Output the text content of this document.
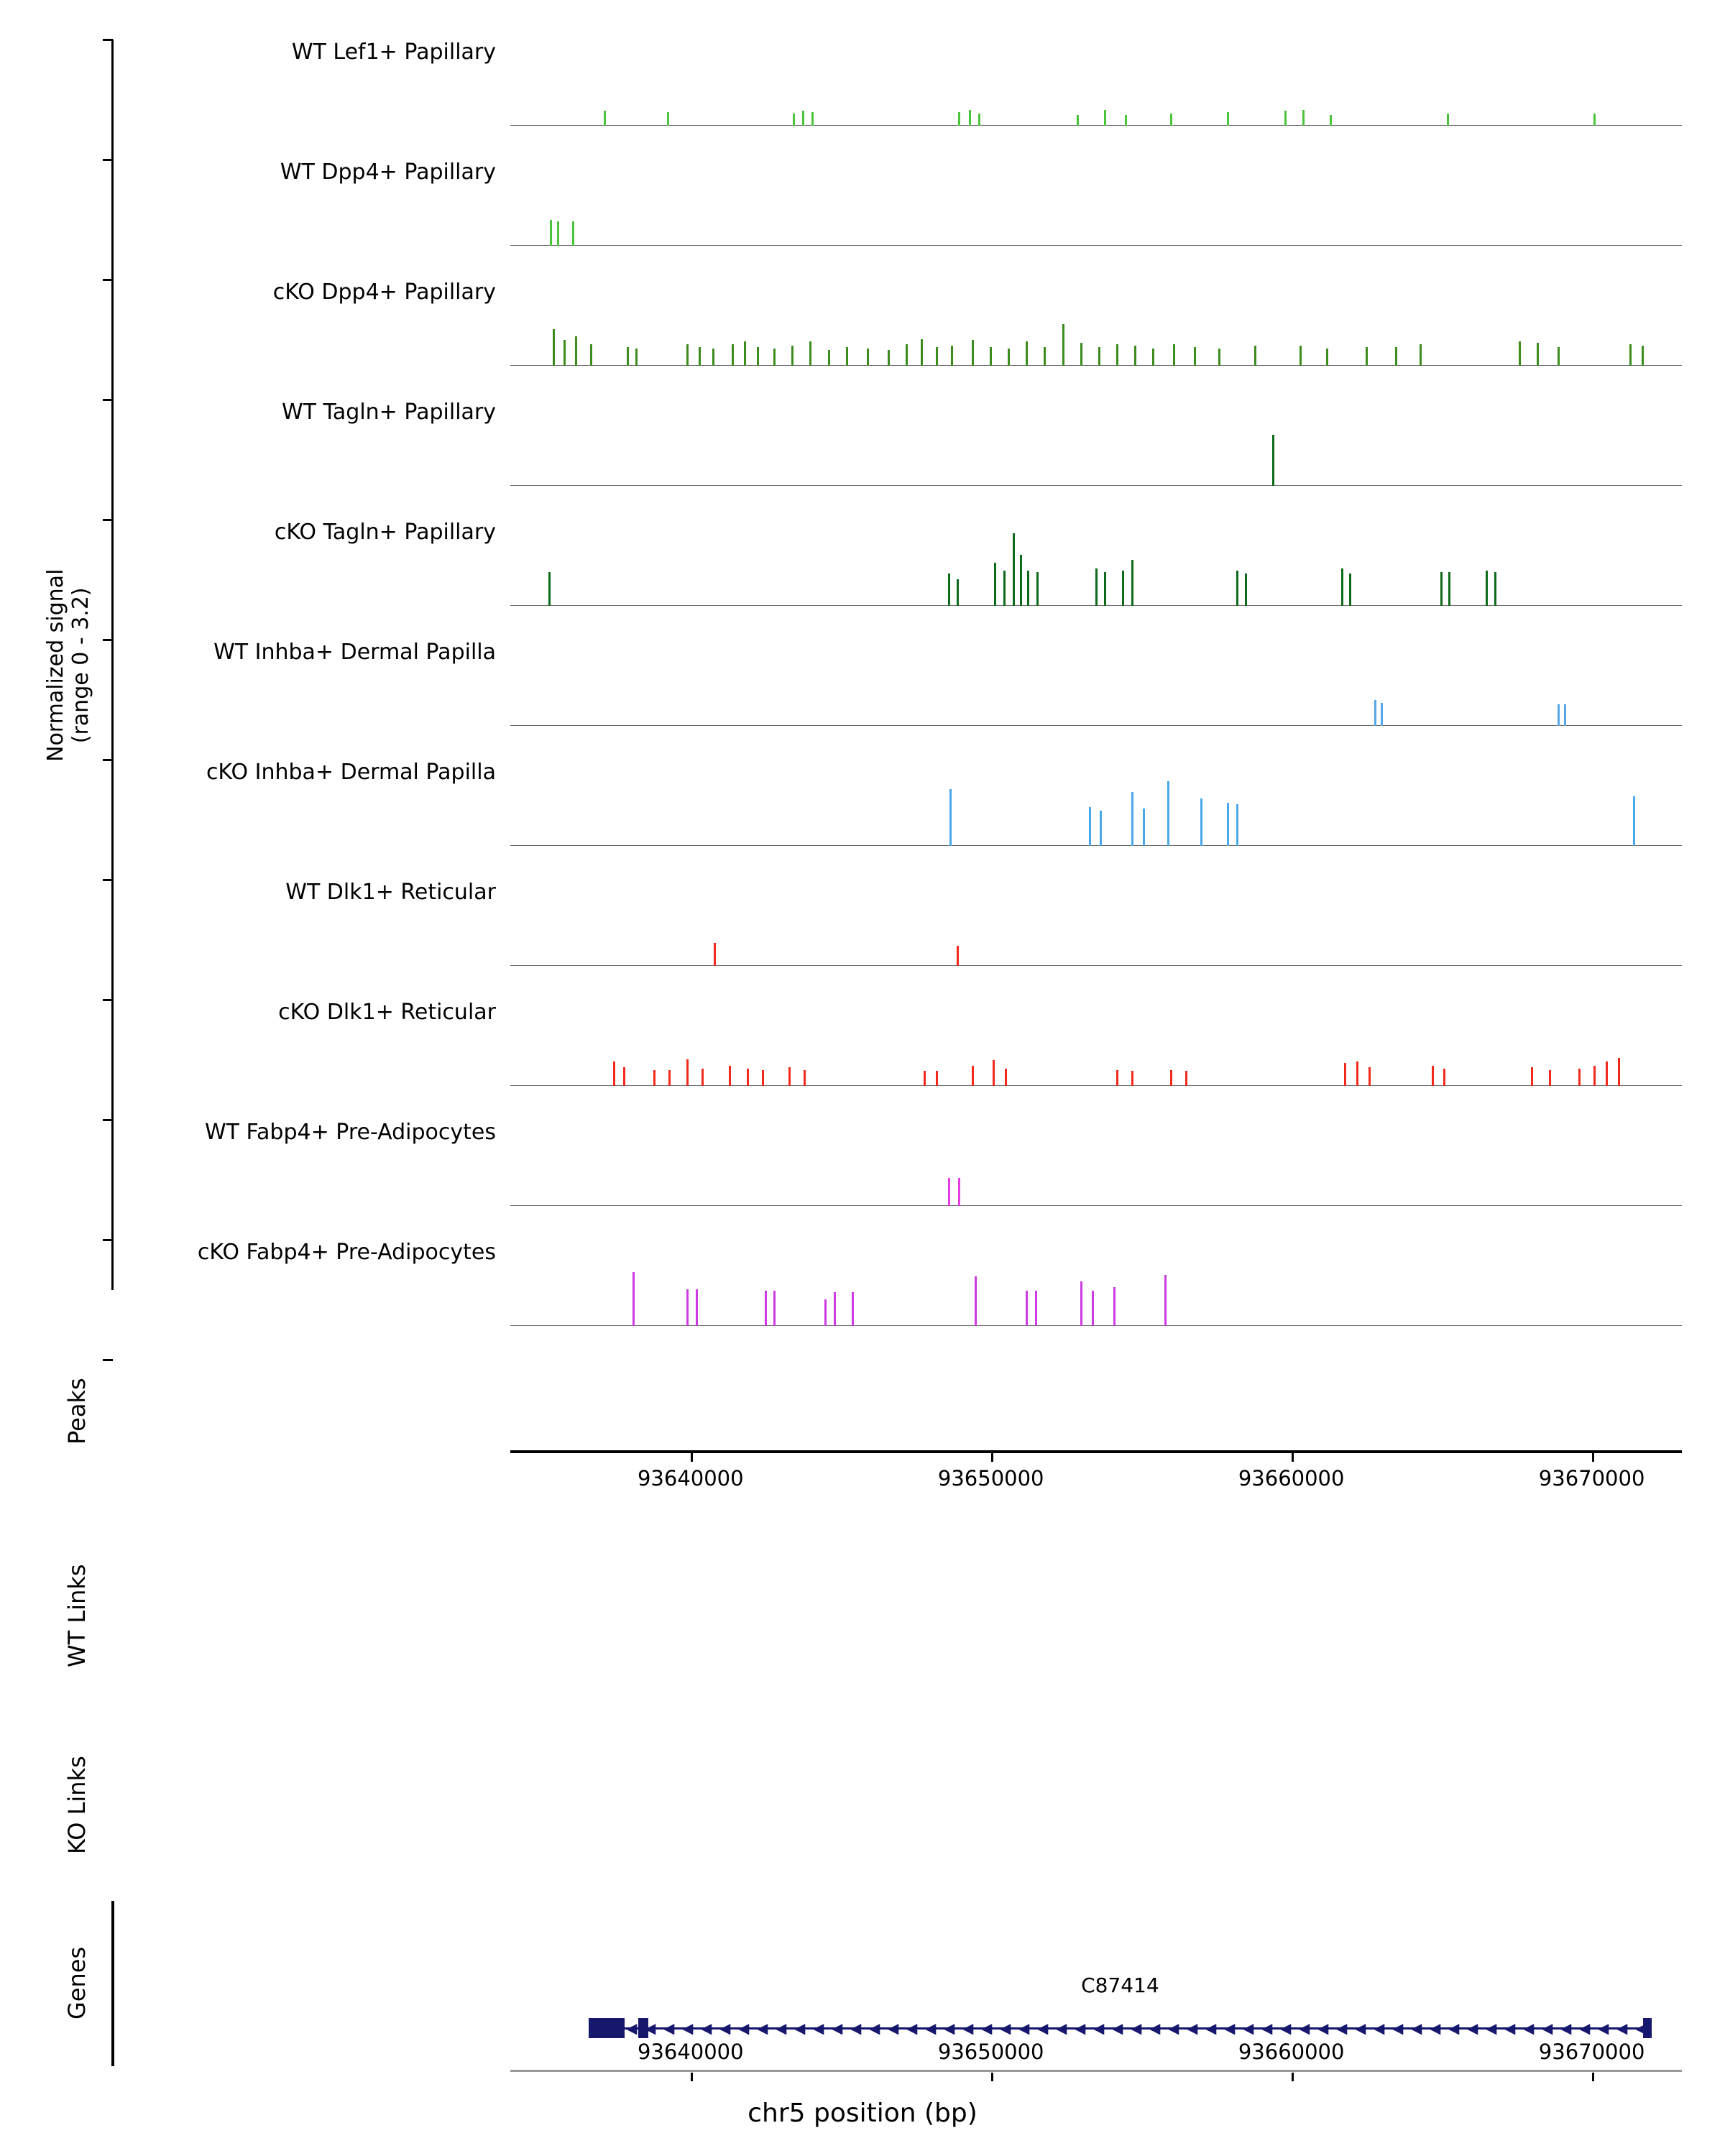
Normalized signal
(range 0 - 3.2)
WT Lef1+ Papillary
WT Dpp4+ Papillary
cKO Dpp4+ Papillary
WT Tagln+ Papillary
cKO Tagln+ Papillary
WT Inhba+ Dermal Papilla
cKO Inhba+ Dermal Papilla
WT Dlk1+ Reticular
cKO Dlk1+ Reticular
WT Fabp4+ Pre-Adipocytes
cKO Fabp4+ Pre-Adipocytes
Peaks
WT Links
KO Links
Genes
93640000	93650000	93660000	93670000
C87414
◀ ◀ ◀ ◀ ◀ ◀ ◀ ◀ ◀ ◀ ◀ ◀ ◀ ◀ ◀ ◀ ◀ ◀ ◀ ◀ ◀ ◀ ◀ ◀ ◀ ◀ ◀ ◀ ◀ ◀ ◀ ◀ ◀ ◀ ◀ ◀ ◀ ◀ ◀ ◀ ◀ ◀ ◀ ◀ ◀ ◀ ◀ ◀ ◀ ◀ ◀ ◀ ◀ ◀ ◀
93640000	93650000	93660000	93670000
chr5 position (bp)
